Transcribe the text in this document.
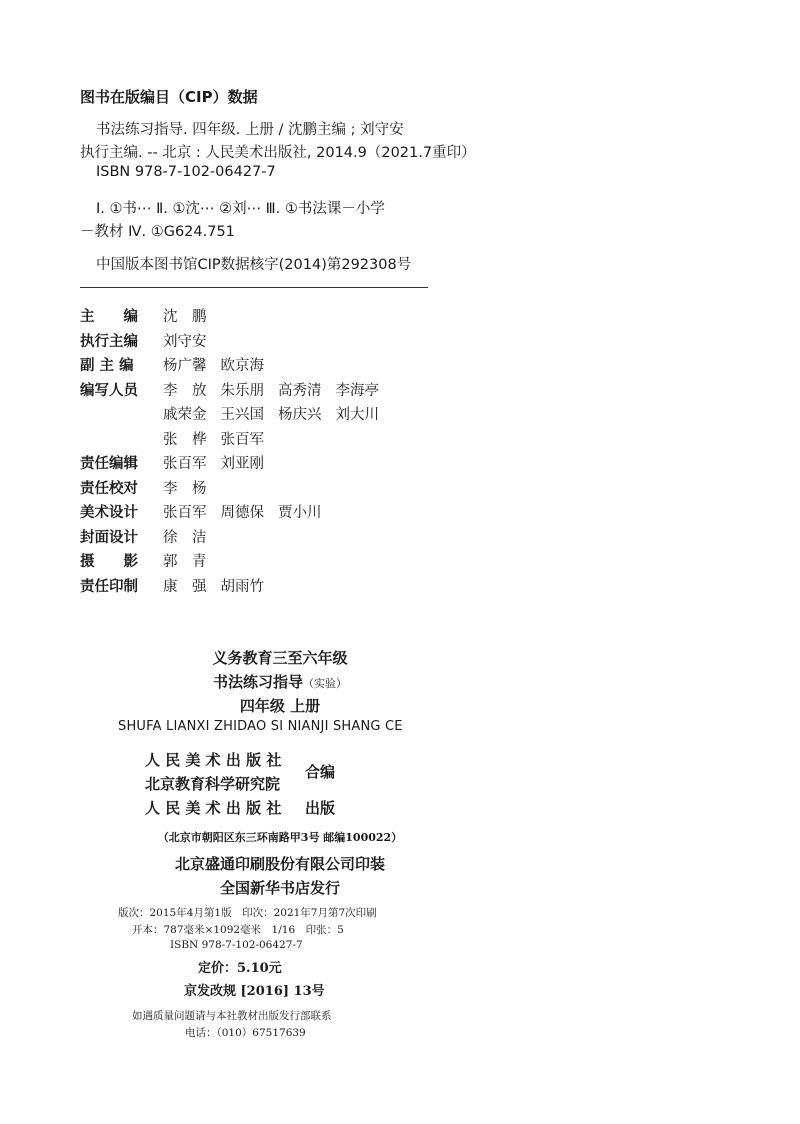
图书在版编目（CIP）数据
书法练习指导. 四年级. 上册 / 沈鹏主编 ; 刘守安
执行主编. -- 北京 : 人民美术出版社, 2014.9（2021.7重印）
ISBN 978-7-102-06427-7
Ⅰ. ①书⋯ Ⅱ. ①沈⋯ ②刘⋯ Ⅲ. ①书法课－小学
－教材 Ⅳ. ①G624.751
中国版本图书馆CIP数据核字(2014)第292308号
主　　编 沈　鹏
执行主编 刘守安
副 主 编 杨广馨 欧京海
编写人员 李　放 朱乐朋 高秀清 李海亭
戚荣金 王兴国 杨庆兴 刘大川
张　桦 张百军
责任编辑 张百军 刘亚刚
责任校对 李　杨
美术设计 张百军 周德保 贾小川
封面设计 徐　洁
摄　　影 郭　青
责任印制 康　强 胡雨竹
义务教育三至六年级
书法练习指导（实验）
四年级 上册
SHUFA LIANXI ZHIDAO SI NIANJI SHANG CE
人 民 美 术 出 版 社
北京教育科学研究院
合编
人 民 美 术 出 版 社 出版
（北京市朝阳区东三环南路甲3号 邮编100022）
北京盛通印刷股份有限公司印装
全国新华书店发行
版次：2015年4月第1版　印次：2021年7月第7次印刷
开本：787毫米×1092毫米　1/16　印张：5
ISBN 978-7-102-06427-7
定价：5.10元
京发改规 [2016] 13号
如遇质量问题请与本社教材出版发行部联系
电话：（010）67517639
